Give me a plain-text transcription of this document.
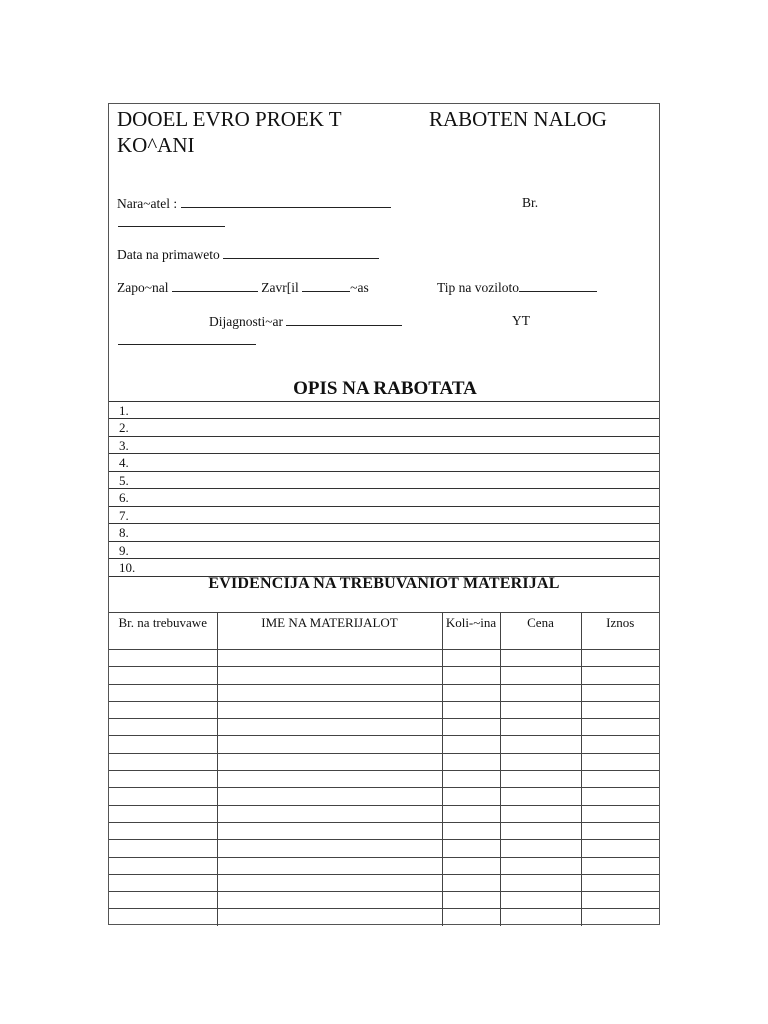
DOOEL EVRO PROEK T
KO^ANI
RABOTEN NALOG
Nara~atel :	Br.
Data na primaweto
Zapo~nal	Zavr[il	~as	Tip na voziloto
Dijagnosti~ar	YT
OPIS NA RABOTATA
1.
2.
3.
4.
5.
6.
7.
8.
9.
10.
EVIDENCIJA NA TREBUVANIOT MATERIJAL
Br. na trebuvawe	IME NA MATERIJALOT	Koli-~ina	Cena	Iznos
